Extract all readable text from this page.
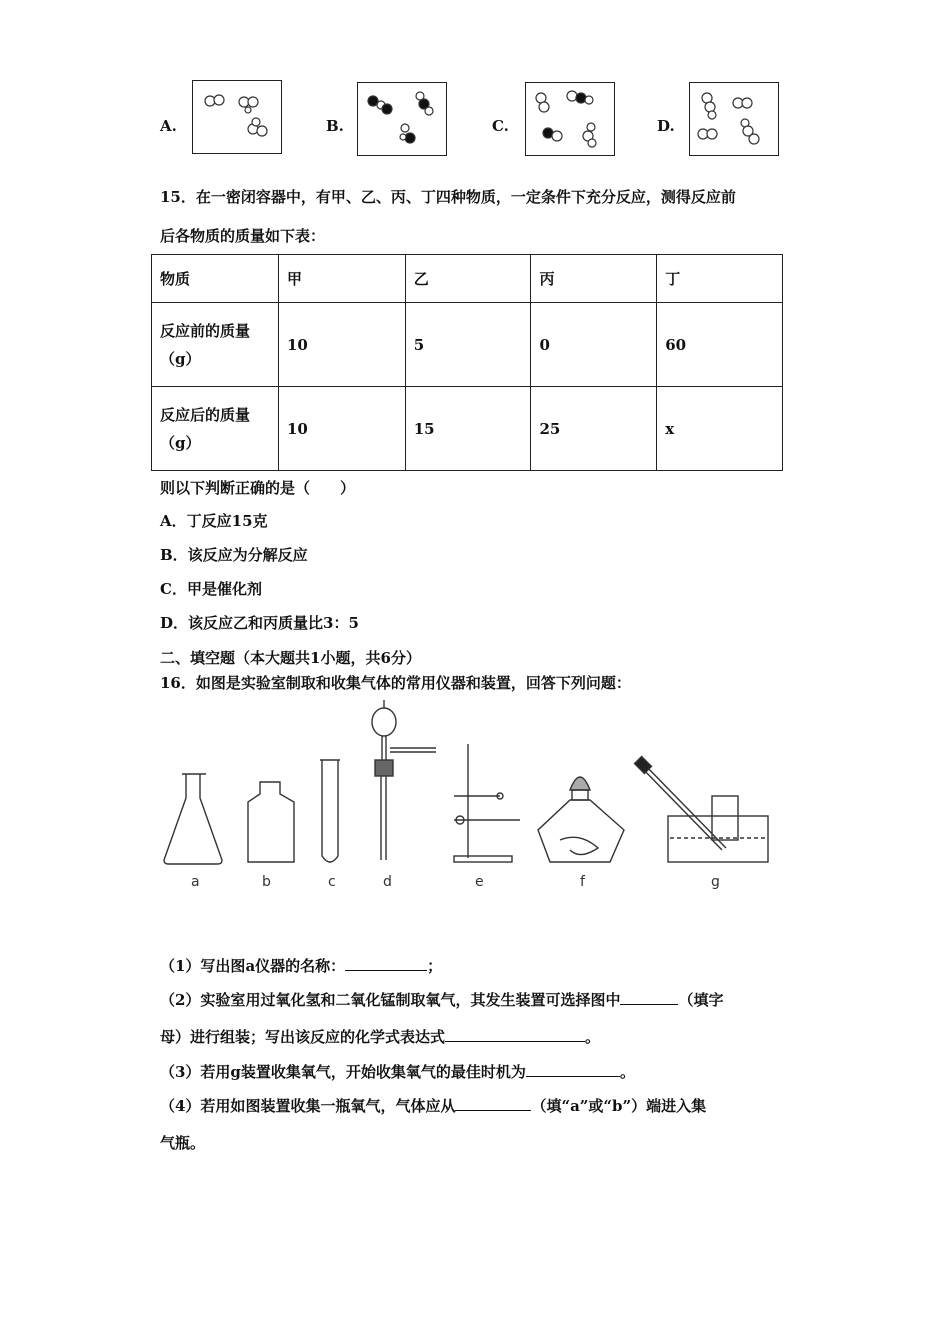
A.	B.	C.	D.
15．在一密闭容器中，有甲、乙、丙、丁四种物质，一定条件下充分反应，测得反应前
后各物质的质量如下表：
物质	甲	乙	丙	丁

反应前的质量
（g）	10	5	0	60

反应后的质量
（g）	10	15	25	x
则以下判断正确的是（　　）
A．丁反应15克
B．该反应为分解反应
C．甲是催化剂
D．该反应乙和丙质量比3：5
二、填空题（本大题共1小题，共6分）
16．如图是实验室制取和收集气体的常用仪器和装置，回答下列问题：
a	b	c	d	e	f	g
（1）写出图a仪器的名称：	；
（2）实验室用过氧化氢和二氧化锰制取氧气，其发生装置可选择图中	（填字
母）进行组装；写出该反应的化学式表达式	。
（3）若用g装置收集氧气，开始收集氧气的最佳时机为	。
（4）若用如图装置收集一瓶氧气，气体应从	（填“a”或“b”）端进入集
气瓶。
